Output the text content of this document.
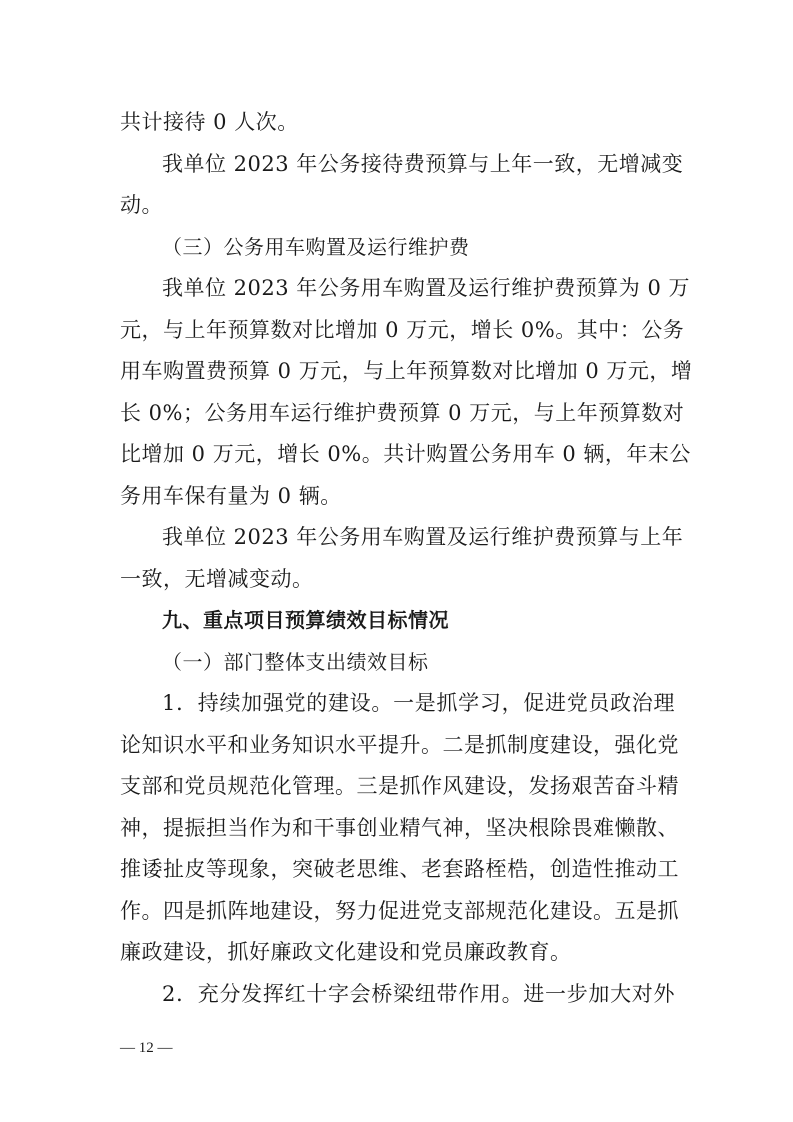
共计接待 0 人次。
我单位 2023 年公务接待费预算与上年一致，无增减变
动。
（三）公务用车购置及运行维护费
我单位 2023 年公务用车购置及运行维护费预算为 0 万
元，与上年预算数对比增加 0 万元，增长 0%。其中：公务
用车购置费预算 0 万元，与上年预算数对比增加 0 万元，增
长 0%；公务用车运行维护费预算 0 万元，与上年预算数对
比增加 0 万元，增长 0%。共计购置公务用车 0 辆，年末公
务用车保有量为 0 辆。
我单位 2023 年公务用车购置及运行维护费预算与上年
一致，无增减变动。
九、重点项目预算绩效目标情况
（一）部门整体支出绩效目标
1．持续加强党的建设。一是抓学习，促进党员政治理
论知识水平和业务知识水平提升。二是抓制度建设，强化党
支部和党员规范化管理。三是抓作风建设，发扬艰苦奋斗精
神，提振担当作为和干事创业精气神，坚决根除畏难懒散、
推诿扯皮等现象，突破老思维、老套路桎梏，创造性推动工
作。四是抓阵地建设，努力促进党支部规范化建设。五是抓
廉政建设，抓好廉政文化建设和党员廉政教育。
2．充分发挥红十字会桥梁纽带作用。进一步加大对外
— 12 —
